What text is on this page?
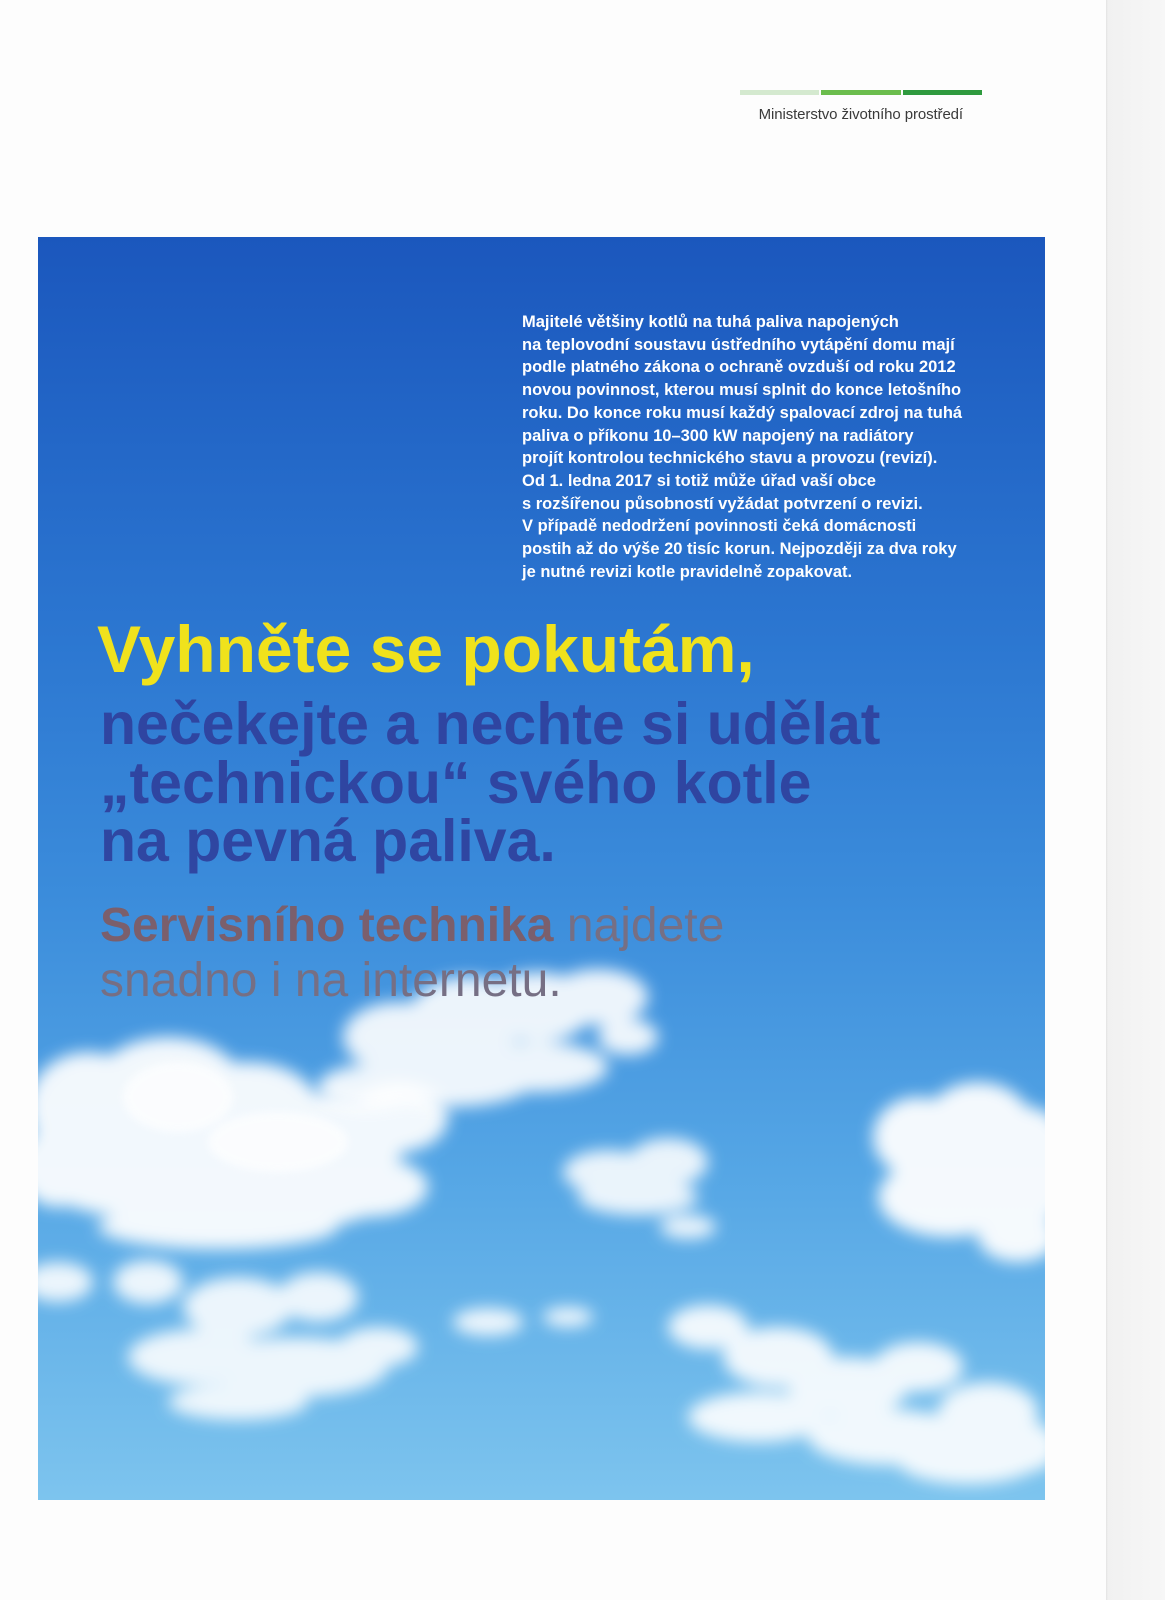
Ministerstvo životního prostředí
Majitelé většiny kotlů na tuhá paliva napojených
na teplovodní soustavu ústředního vytápění domu mají
podle platného zákona o ochraně ovzduší od roku 2012
novou povinnost, kterou musí splnit do konce letošního
roku. Do konce roku musí každý spalovací zdroj na tuhá
paliva o příkonu 10–300 kW napojený na radiátory
projít kontrolou technického stavu a provozu (revizí).
Od 1. ledna 2017 si totiž může úřad vaší obce
s rozšířenou působností vyžádat potvrzení o revizi.
V případě nedodržení povinnosti čeká domácnosti
postih až do výše 20 tisíc korun. Nejpozději za dva roky
je nutné revizi kotle pravidelně zopakovat.
Vyhněte se pokutám,
nečekejte a nechte si udělat
„technickou“ svého kotle
na pevná paliva.
Servisního technika najdete
snadno i na internetu.
